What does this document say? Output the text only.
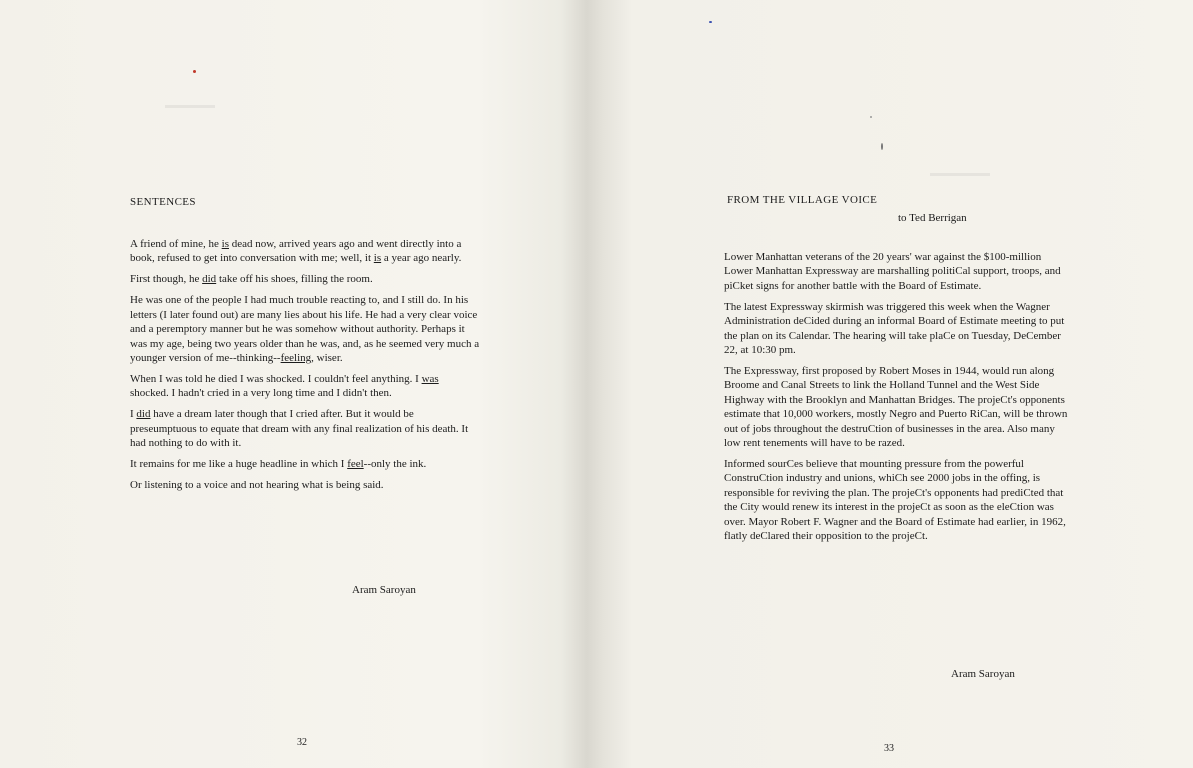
▬▬▬▬▬
SENTENCES

A friend of mine, he is dead now, arrived years ago and went directly into a book, refused to get into conversation with me; well, it is a year ago nearly.

First though, he did take off his shoes, filling the room.

He was one of the people I had much trouble reacting to, and I still do. In his letters (I later found out) are many lies about his life. He had a very clear voice and a peremptory manner but he was somehow without authority. Perhaps it was my age, being two years older than he was, and, as he seemed very much a younger version of me--thinking--feeling, wiser.

When I was told he died I was shocked. I couldn't feel anything. I was shocked. I hadn't cried in a very long time and I didn't then.

I did have a dream later though that I cried after. But it would be preseumptuous to equate that dream with any final realization of his death. It had nothing to do with it.

It remains for me like a huge headline in which I feel--only the ink.

Or listening to a voice and not hearing what is being said.

Aram Saroyan
32
▬▬▬▬▬▬
FROM THE VILLAGE VOICE
to Ted Berrigan

Lower Manhattan veterans of the 20 years' war against the $100-million Lower Manhattan Expressway are marshalling politiCal support, troops, and piCket signs for another battle with the Board of Estimate.

The latest Expressway skirmish was triggered this week when the Wagner Administration deCided during an informal Board of Estimate meeting to put the plan on its Calendar. The hearing will take plaCe on Tuesday, DeCember 22, at 10:30 pm.

The Expressway, first proposed by Robert Moses in 1944, would run along Broome and Canal Streets to link the Holland Tunnel and the West Side Highway with the Brooklyn and Manhattan Bridges. The projeCt's opponents estimate that 10,000 workers, mostly Negro and Puerto RiCan, will be thrown out of jobs throughout the destruCtion of businesses in the area. Also many low rent tenements will have to be razed.

Informed sourCes believe that mounting pressure from the powerful ConstruCtion industry and unions, whiCh see 2000 jobs in the offing, is responsible for reviving the plan. The projeCt's opponents had prediCted that the City would renew its interest in the projeCt as soon as the eleCtion was over. Mayor Robert F. Wagner and the Board of Estimate had earlier, in 1962, flatly deClared their opposition to the projeCt.

Aram Saroyan
33
